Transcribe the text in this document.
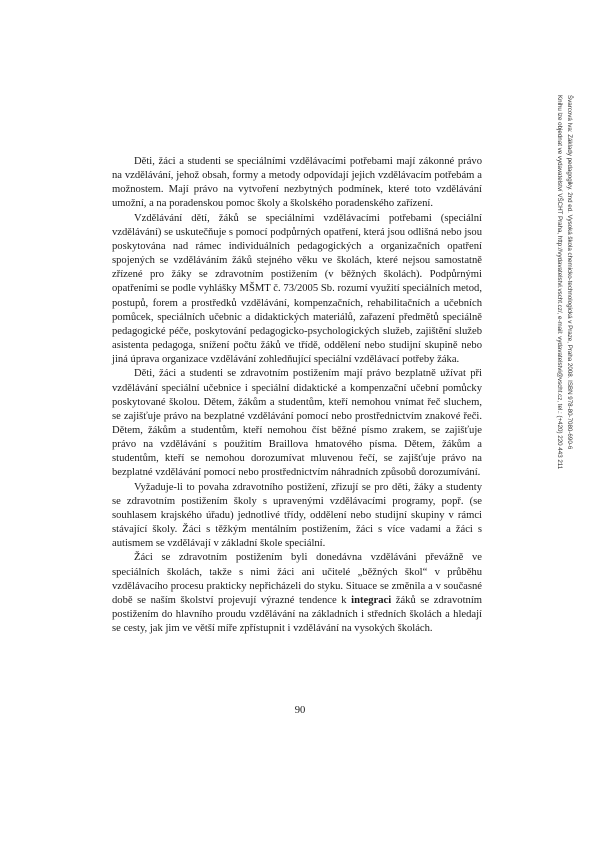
Švarcová Iva: Základy pedagogiky. 2nd ed. Vysoká škola chemicko-technologická v Praze, Praha 2008. ISBN 978-80-7080-690-6
Knihu lze objednat ve vydavatelství VŠCHT Praha, http://vydavatelstvi.vscht.cz/, e-mail: vydavatelstvi@vscht.cz, tel.: (+420) 220 443 211

Děti, žáci a studenti se speciálními vzdělávacími potřebami mají zákonné právo na vzdělávání, jehož obsah, formy a metody odpovídají jejich vzdělávacím potřebám a možnostem. Mají právo na vytvoření nezbytných podmínek, které toto vzdělávání umožní, a na poradenskou pomoc školy a školského poradenského zařízení.

Vzdělávání dětí, žáků se speciálními vzdělávacími potřebami (speciální vzdělávání) se uskutečňuje s pomocí podpůrných opatření, která jsou odlišná nebo jsou poskytována nad rámec individuálních pedagogických a organizačních opatření spojených se vzděláváním žáků stejného věku ve školách, které nejsou samostatně zřízené pro žáky se zdravotním postižením (v běžných školách). Podpůrnými opatřeními se podle vyhlášky MŠMT č. 73/2005 Sb. rozumí využití speciálních metod, postupů, forem a prostředků vzdělávání, kompenzačních, rehabilitačních a učebních pomůcek, speciálních učebnic a didaktických materiálů, zařazení předmětů speciálně pedagogické péče, poskytování pedagogicko-psychologických služeb, zajištění služeb asistenta pedagoga, snížení počtu žáků ve třídě, oddělení nebo studijní skupině nebo jiná úprava organizace vzdělávání zohledňující speciální vzdělávací potřeby žáka.

Děti, žáci a studenti se zdravotním postižením mají právo bezplatně užívat při vzdělávání speciální učebnice i speciální didaktické a kompenzační učební pomůcky poskytované školou. Dětem, žákům a studentům, kteří nemohou vnímat řeč sluchem, se zajišťuje právo na bezplatné vzdělávání pomocí nebo prostřednictvím znakové řeči. Dětem, žákům a studentům, kteří nemohou číst běžné písmo zrakem, se zajišťuje právo na vzdělávání s použitím Braillova hmatového písma. Dětem, žákům a studentům, kteří se nemohou dorozumívat mluvenou řečí, se zajišťuje právo na bezplatné vzdělávání pomocí nebo prostřednictvím náhradních způsobů dorozumívání.

Vyžaduje-li to povaha zdravotního postižení, zřizují se pro děti, žáky a studenty se zdravotním postižením školy s upravenými vzdělávacími programy, popř. (se souhlasem krajského úřadu) jednotlivé třídy, oddělení nebo studijní skupiny v rámci stávající školy. Žáci s těžkým mentálním postižením, žáci s více vadami a žáci s autismem se vzdělávají v základní škole speciální.

Žáci se zdravotním postižením byli donedávna vzděláváni převážně ve speciálních školách, takže s nimi žáci ani učitelé „běžných škol“ v průběhu vzdělávacího procesu prakticky nepřicházeli do styku. Situace se změnila a v současné době se naším školství projevují výrazné tendence k integraci žáků se zdravotním postižením do hlavního proudu vzdělávání na základních i středních školách a hledají se cesty, jak jim ve větší míře zpřístupnit i vzdělávání na vysokých školách.

90
